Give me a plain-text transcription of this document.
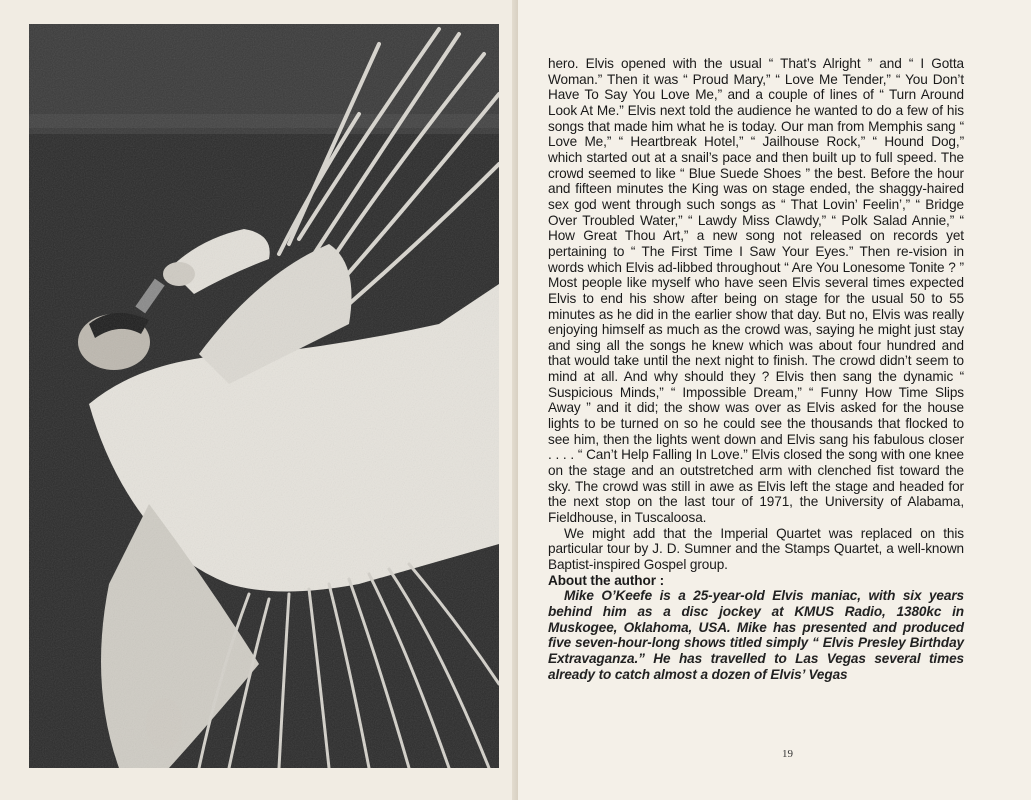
hero. Elvis opened with the usual “ That’s Alright ” and “ I Gotta Woman.” Then it was “ Proud Mary,” “ Love Me Tender,” “ You Don’t Have To Say You Love Me,” and a couple of lines of “ Turn Around Look At Me.” Elvis next told the audience he wanted to do a few of his songs that made him what he is today. Our man from Memphis sang “ Love Me,” “ Heartbreak Hotel,” “ Jailhouse Rock,” “ Hound Dog,” which started out at a snail’s pace and then built up to full speed. The crowd seemed to like “ Blue Suede Shoes ” the best. Before the hour and fifteen minutes the King was on stage ended, the shaggy-haired sex god went through such songs as “ That Lovin’ Feelin’,” “ Bridge Over Troubled Water,” “ Lawdy Miss Clawdy,” “ Polk Salad Annie,” “ How Great Thou Art,” a new song not released on records yet pertaining to “ The First Time I Saw Your Eyes.” Then re-vision in words which Elvis ad-libbed throughout “ Are You Lonesome Tonite ? ” Most people like myself who have seen Elvis several times expected Elvis to end his show after being on stage for the usual 50 to 55 minutes as he did in the earlier show that day. But no, Elvis was really enjoying himself as much as the crowd was, saying he might just stay and sing all the songs he knew which was about four hundred and that would take until the next night to finish. The crowd didn’t seem to mind at all. And why should they ? Elvis then sang the dynamic “ Suspicious Minds,” “ Impossible Dream,” “ Funny How Time Slips Away ” and it did; the show was over as Elvis asked for the house lights to be turned on so he could see the thousands that flocked to see him, then the lights went down and Elvis sang his fabulous closer . . . . “ Can’t Help Falling In Love.” Elvis closed the song with one knee on the stage and an outstretched arm with clenched fist toward the sky. The crowd was still in awe as Elvis left the stage and headed for the next stop on the last tour of 1971, the University of Alabama, Fieldhouse, in Tuscaloosa.

We might add that the Imperial Quartet was replaced on this particular tour by J. D. Sumner and the Stamps Quartet, a well-known Baptist-inspired Gospel group.

About the author :

Mike O’Keefe is a 25-year-old Elvis maniac, with six years behind him as a disc jockey at KMUS Radio, 1380kc in Muskogee, Oklahoma, USA. Mike has presented and produced five seven-hour-long shows titled simply “ Elvis Presley Birthday Extravaganza.” He has travelled to Las Vegas several times already to catch almost a dozen of Elvis’ Vegas

19
